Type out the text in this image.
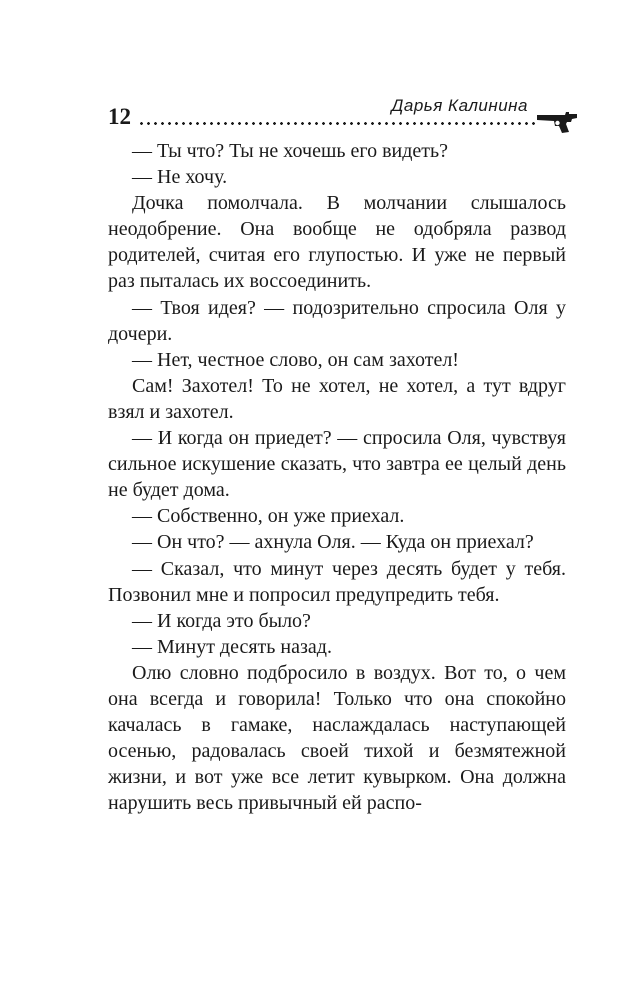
12	Дарья Калинина

— Ты что? Ты не хочешь его видеть?

— Не хочу.

Дочка помолчала. В молчании слышалось неодобрение. Она вообще не одобряла развод родителей, считая его глупостью. И уже не первый раз пыталась их воссоединить.

— Твоя идея? — подозрительно спросила Оля у дочери.

— Нет, честное слово, он сам захотел!

Сам! Захотел! То не хотел, не хотел, а тут вдруг взял и захотел.

— И когда он приедет? — спросила Оля, чувствуя сильное искушение сказать, что завтра ее целый день не будет дома.

— Собственно, он уже приехал.

— Он что? — ахнула Оля. — Куда он приехал?

— Сказал, что минут через десять будет у тебя. Позвонил мне и попросил предупредить тебя.

— И когда это было?

— Минут десять назад.

Олю словно подбросило в воздух. Вот то, о чем она всегда и говорила! Только что она спокойно качалась в гамаке, наслаждалась наступающей осенью, радовалась своей тихой и безмятежной жизни, и вот уже все летит кувырком. Она должна нарушить весь привычный ей распо-
